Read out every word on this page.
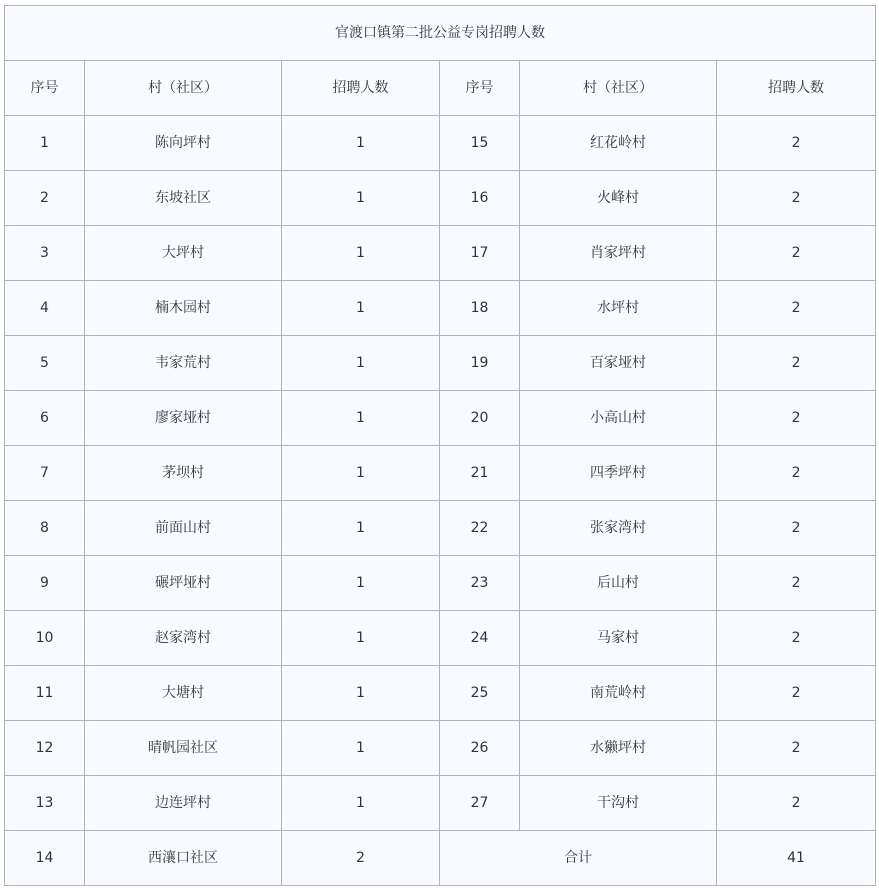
官渡口镇第二批公益专岗招聘人数					
序号	村（社区）	招聘人数	序号	村（社区）	招聘人数
1	陈向坪村	1	15	红花岭村	2
2	东坡社区	1	16	火峰村	2
3	大坪村	1	17	肖家坪村	2
4	楠木园村	1	18	水坪村	2
5	韦家荒村	1	19	百家垭村	2
6	廖家垭村	1	20	小高山村	2
7	茅坝村	1	21	四季坪村	2
8	前面山村	1	22	张家湾村	2
9	碾坪垭村	1	23	后山村	2
10	赵家湾村	1	24	马家村	2
11	大塘村	1	25	南荒岭村	2
12	晴帆园社区	1	26	水獭坪村	2
13	边连坪村	1	27	干沟村	2
14	西瀼口社区	2	合计		41
